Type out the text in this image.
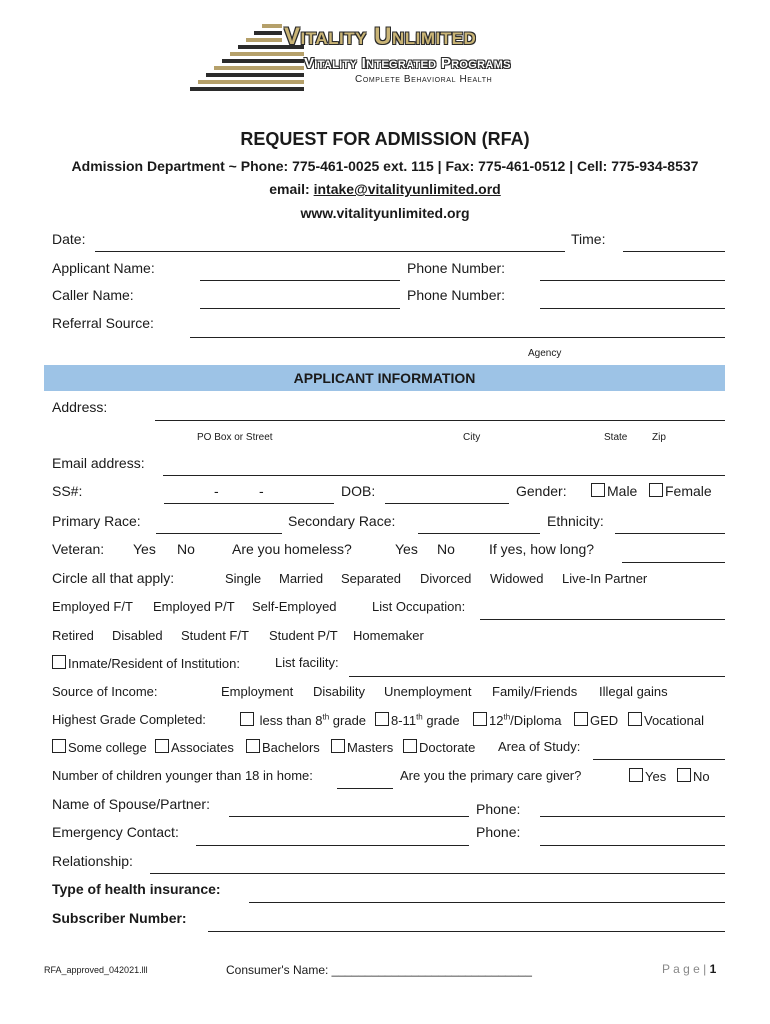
Vitality Unlimited
Vitality Integrated Programs
Complete Behavioral Health
REQUEST FOR ADMISSION (RFA)
Admission Department ~ Phone: 775-461-0025 ext. 115 | Fax: 775-461-0512 | Cell: 775-934-8537
email: intake@vitalityunlimited.ord
www.vitalityunlimited.org
Date:	Time:
Applicant Name:	Phone Number:
Caller Name:	Phone Number:
Referral Source:
Agency
APPLICANT INFORMATION
Address:
PO Box or Street	City	State Zip
Email address:
SS#:	-	-	DOB:	Gender:	Male	Female
Primary Race:	Secondary Race:	Ethnicity:
Veteran: Yes No	Are you homeless?	Yes No If yes, how long?
Circle all that apply:	Single Married Separated Divorced Widowed Live-In Partner
Employed F/T Employed P/T Self-Employed	List Occupation:
Retired Disabled Student F/T Student P/T Homemaker
Inmate/Resident of Institution:	List facility:
Source of Income:	Employment Disability Unemployment Family/Friends Illegal gains
Highest Grade Completed:	less than 8th grade	8-11th grade	12th/Diploma	GED	Vocational
Some college	Associates	Bachelors	Masters	Doctorate Area of Study:
Number of children younger than 18 in home:	Are you the primary care giver?	Yes	No
Name of Spouse/Partner:	Phone:
Emergency Contact:	Phone:
Relationship:
Type of health insurance:
Subscriber Number:
RFA_approved_042021.lll	Consumer's Name: ______________________________	P a g e | 1
